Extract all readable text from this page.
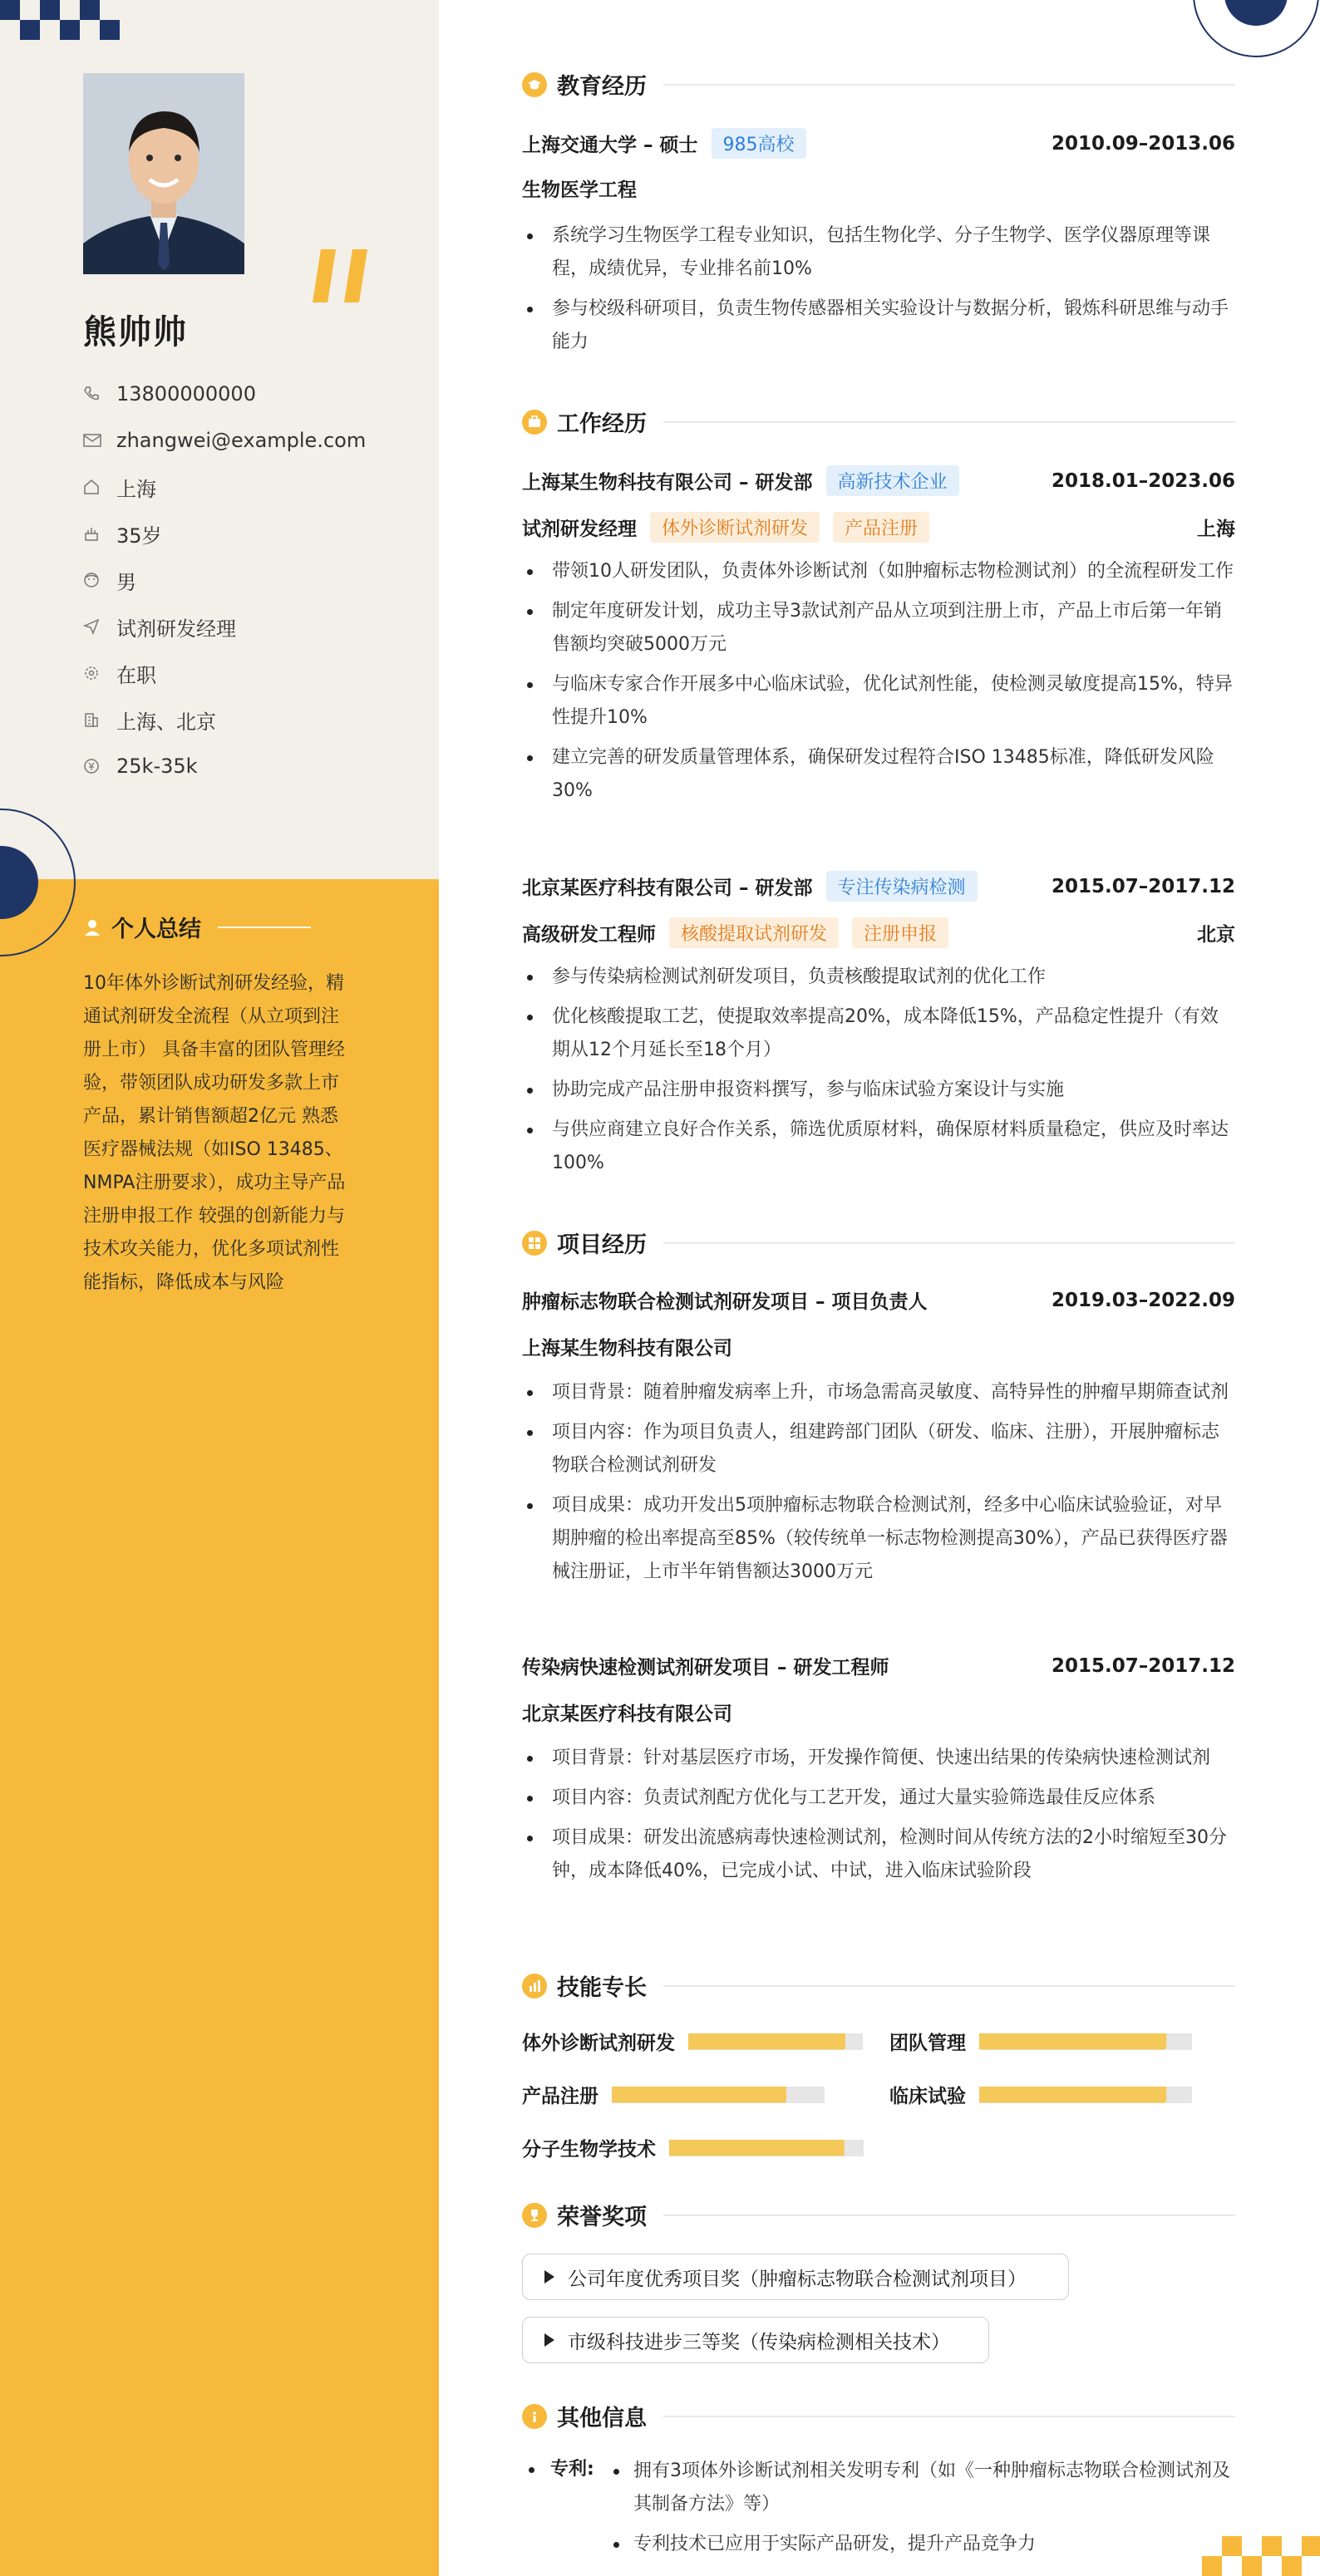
熊帅帅
13800000000
zhangwei@example.com
上海
35岁
男
试剂研发经理
在职
上海、北京
25k-35k
个人总结
10年体外诊断试剂研发经验，精通试剂研发全流程（从立项到注册上市） 具备丰富的团队管理经验，带领团队成功研发多款上市产品，累计销售额超2亿元 熟悉医疗器械法规（如ISO 13485、NMPA注册要求），成功主导产品注册申报工作 较强的创新能力与技术攻关能力，优化多项试剂性能指标，降低成本与风险
教育经历
上海交通大学 – 硕士	985高校	2010.09–2013.06
生物医学工程
系统学习生物医学工程专业知识，包括生物化学、分子生物学、医学仪器原理等课程，成绩优异，专业排名前10%
参与校级科研项目，负责生物传感器相关实验设计与数据分析，锻炼科研思维与动手能力
工作经历
上海某生物科技有限公司 – 研发部	高新技术企业	2018.01–2023.06
试剂研发经理	体外诊断试剂研发	产品注册	上海
带领10人研发团队，负责体外诊断试剂（如肿瘤标志物检测试剂）的全流程研发工作
制定年度研发计划，成功主导3款试剂产品从立项到注册上市，产品上市后第一年销售额均突破5000万元
与临床专家合作开展多中心临床试验，优化试剂性能，使检测灵敏度提高15%，特异性提升10%
建立完善的研发质量管理体系，确保研发过程符合ISO 13485标准，降低研发风险30%
北京某医疗科技有限公司 – 研发部	专注传染病检测	2015.07–2017.12
高级研发工程师	核酸提取试剂研发	注册申报	北京
参与传染病检测试剂研发项目，负责核酸提取试剂的优化工作
优化核酸提取工艺，使提取效率提高20%，成本降低15%，产品稳定性提升（有效期从12个月延长至18个月）
协助完成产品注册申报资料撰写，参与临床试验方案设计与实施
与供应商建立良好合作关系，筛选优质原材料，确保原材料质量稳定，供应及时率达100%
项目经历
肿瘤标志物联合检测试剂研发项目 – 项目负责人	2019.03–2022.09
上海某生物科技有限公司
项目背景：随着肿瘤发病率上升，市场急需高灵敏度、高特异性的肿瘤早期筛查试剂
项目内容：作为项目负责人，组建跨部门团队（研发、临床、注册），开展肿瘤标志物联合检测试剂研发
项目成果：成功开发出5项肿瘤标志物联合检测试剂，经多中心临床试验验证，对早期肿瘤的检出率提高至85%（较传统单一标志物检测提高30%），产品已获得医疗器械注册证，上市半年销售额达3000万元
传染病快速检测试剂研发项目 – 研发工程师	2015.07–2017.12
北京某医疗科技有限公司
项目背景：针对基层医疗市场，开发操作简便、快速出结果的传染病快速检测试剂
项目内容：负责试剂配方优化与工艺开发，通过大量实验筛选最佳反应体系
项目成果：研发出流感病毒快速检测试剂，检测时间从传统方法的2小时缩短至30分钟，成本降低40%，已完成小试、中试，进入临床试验阶段
技能专长
体外诊断试剂研发	团队管理
产品注册	临床试验
分子生物学技术
荣誉奖项
公司年度优秀项目奖（肿瘤标志物联合检测试剂项目）
市级科技进步三等奖（传染病检测相关技术）
其他信息
专利:	拥有3项体外诊断试剂相关发明专利（如《一种肿瘤标志物联合检测试剂及其制备方法》等）
专利技术已应用于实际产品研发，提升产品竞争力
